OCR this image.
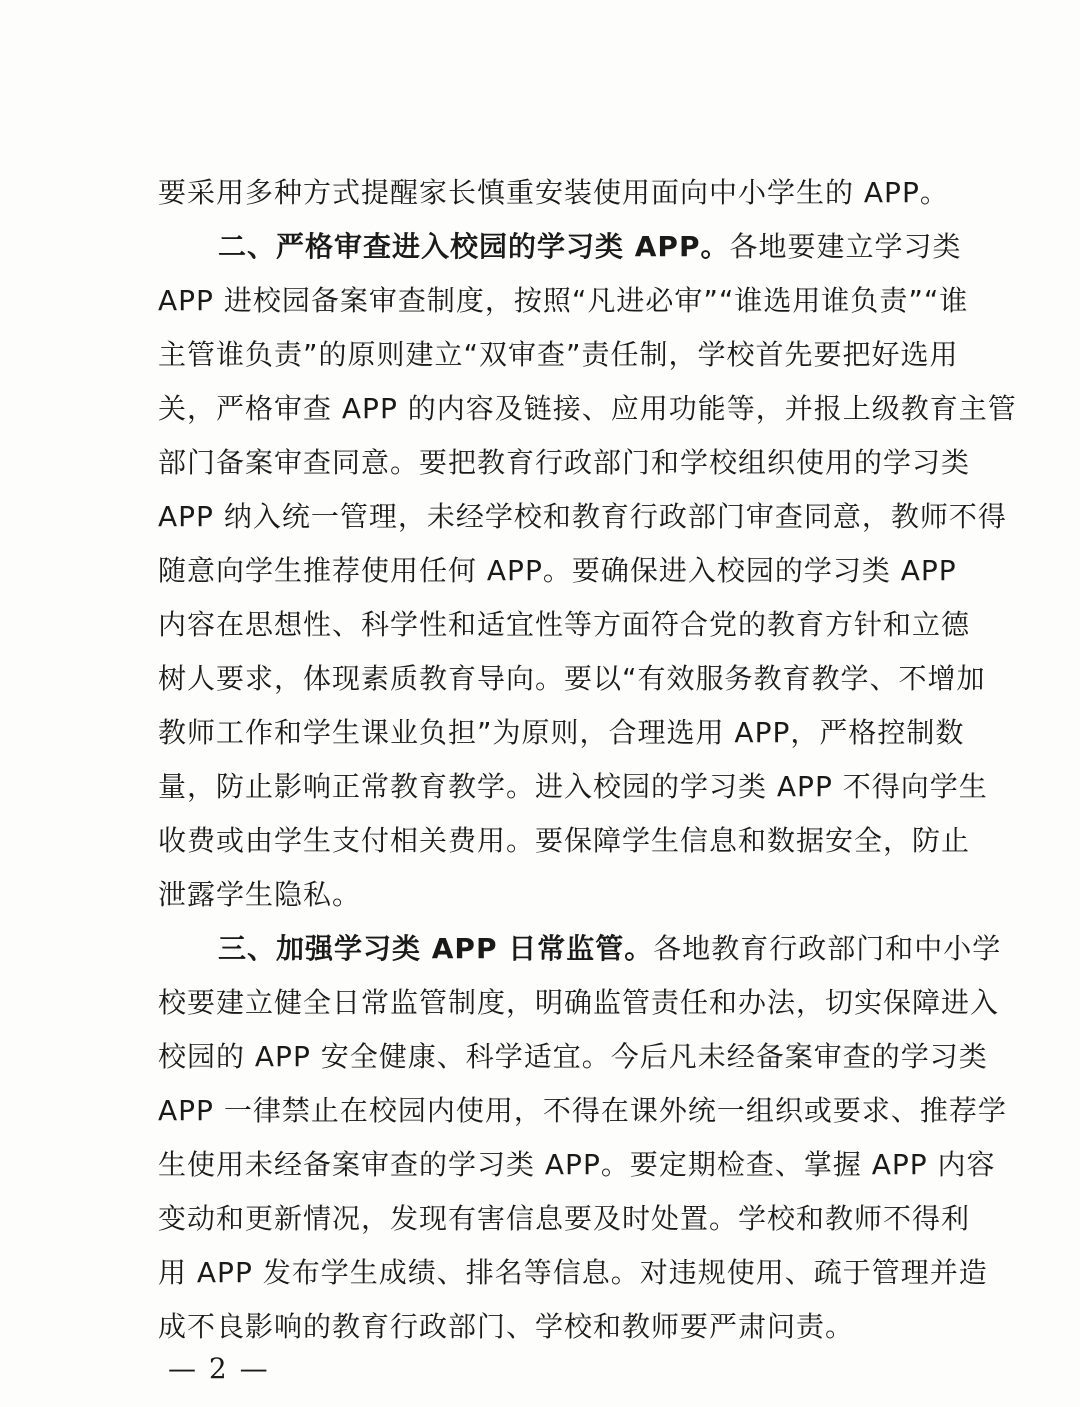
要采用多种方式提醒家长慎重安装使用面向中小学生的 APP。
二、严格审查进入校园的学习类 APP。各地要建立学习类
APP 进校园备案审查制度，按照“凡进必审”“谁选用谁负责”“谁
主管谁负责”的原则建立“双审查”责任制，学校首先要把好选用
关，严格审查 APP 的内容及链接、应用功能等，并报上级教育主管
部门备案审查同意。要把教育行政部门和学校组织使用的学习类
APP 纳入统一管理，未经学校和教育行政部门审查同意，教师不得
随意向学生推荐使用任何 APP。要确保进入校园的学习类 APP
内容在思想性、科学性和适宜性等方面符合党的教育方针和立德
树人要求，体现素质教育导向。要以“有效服务教育教学、不增加
教师工作和学生课业负担”为原则，合理选用 APP，严格控制数
量，防止影响正常教育教学。进入校园的学习类 APP 不得向学生
收费或由学生支付相关费用。要保障学生信息和数据安全，防止
泄露学生隐私。
三、加强学习类 APP 日常监管。各地教育行政部门和中小学
校要建立健全日常监管制度，明确监管责任和办法，切实保障进入
校园的 APP 安全健康、科学适宜。今后凡未经备案审查的学习类
APP 一律禁止在校园内使用，不得在课外统一组织或要求、推荐学
生使用未经备案审查的学习类 APP。要定期检查、掌握 APP 内容
变动和更新情况，发现有害信息要及时处置。学校和教师不得利
用 APP 发布学生成绩、排名等信息。对违规使用、疏于管理并造
成不良影响的教育行政部门、学校和教师要严肃问责。
— 2 —
